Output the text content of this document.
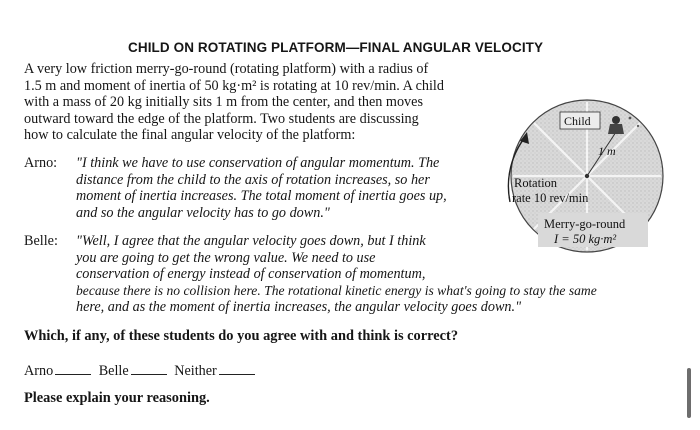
CHILD ON ROTATING PLATFORM—FINAL ANGULAR VELOCITY

A very low friction merry-go-round (rotating platform) with a radius of

1.5 m and moment of inertia of 50 kg·m² is rotating at 10 rev/min. A child

with a mass of 20 kg initially sits 1 m from the center, and then moves

outward toward the edge of the platform. Two students are discussing

how to calculate the final angular velocity of the platform:

Arno: "I think we have to use conservation of angular momentum. The
distance from the child to the axis of rotation increases, so her
moment of inertia increases. The total moment of inertia goes up,
and so the angular velocity has to go down."
Belle: "Well, I agree that the angular velocity goes down, but I think
you are going to get the wrong value. We need to use
conservation of energy instead of conservation of momentum,
because there is no collision here. The rotational kinetic energy is what's going to stay the same
here, and as the moment of inertia increases, the angular velocity goes down."
Which, if any, of these students do you agree with and think is correct?
Arno	Belle	Neither
Please explain your reasoning.
Child
1 m
Rotation
rate 10 rev/min
Merry-go-round
I = 50 kg·m²
